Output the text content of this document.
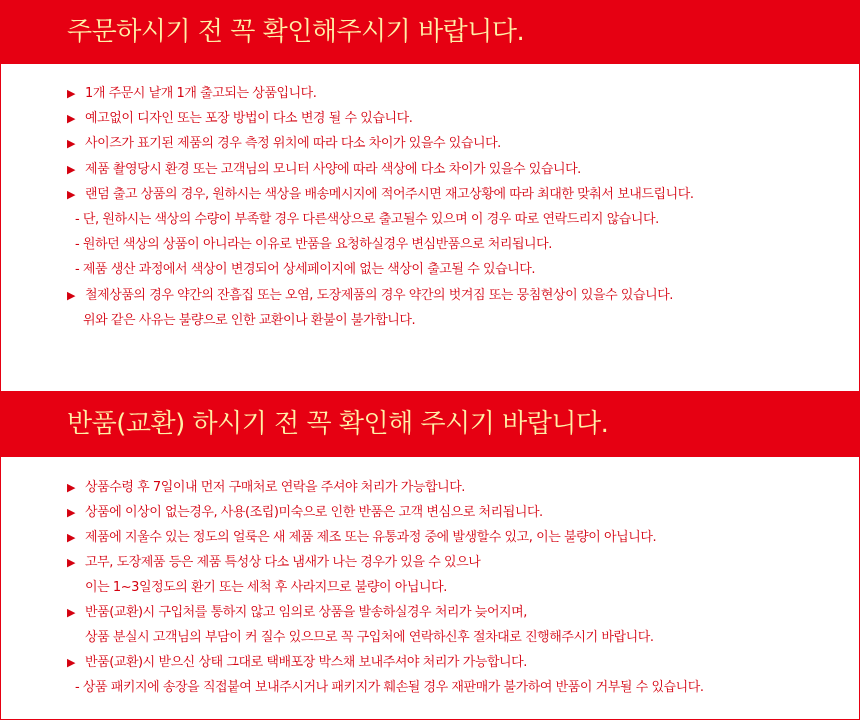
주문하시기 전 꼭 확인해주시기 바랍니다.
▶ 1개 주문시 낱개 1개 출고되는 상품입니다.
▶ 예고없이 디자인 또는 포장 방법이 다소 변경 될 수 있습니다.
▶ 사이즈가 표기된 제품의 경우 측정 위치에 따라 다소 차이가 있을수 있습니다.
▶ 제품 촬영당시 환경 또는 고객님의 모니터 사양에 따라 색상에 다소 차이가 있을수 있습니다.
▶ 랜덤 출고 상품의 경우, 원하시는 색상을 배송메시지에 적어주시면 재고상황에 따라 최대한 맞춰서 보내드립니다.
- 단, 원하시는 색상의 수량이 부족할 경우 다른색상으로 출고될수 있으며 이 경우 따로 연락드리지 않습니다.
- 원하던 색상의 상품이 아니라는 이유로 반품을 요청하실경우 변심반품으로 처리됩니다.
- 제품 생산 과정에서 색상이 변경되어 상세페이지에 없는 색상이 출고될 수 있습니다.
▶ 철제상품의 경우 약간의 잔흠집 또는 오염, 도장제품의 경우 약간의 벗겨짐 또는 뭉침현상이 있을수 있습니다.
위와 같은 사유는 불량으로 인한 교환이나 환불이 불가합니다.
반품(교환) 하시기 전 꼭 확인해 주시기 바랍니다.
▶ 상품수령 후 7일이내 먼저 구매처로 연락을 주셔야 처리가 가능합니다.
▶ 상품에 이상이 없는경우, 사용(조립)미숙으로 인한 반품은 고객 변심으로 처리됩니다.
▶ 제품에 지울수 있는 정도의 얼룩은 새 제품 제조 또는 유통과정 중에 발생할수 있고, 이는 불량이 아닙니다.
▶ 고무, 도장제품 등은 제품 특성상 다소 냄새가 나는 경우가 있을 수 있으나
이는 1~3일정도의 환기 또는 세척 후 사라지므로 불량이 아닙니다.
▶ 반품(교환)시 구입처를 통하지 않고 임의로 상품을 발송하실경우 처리가 늦어지며,
상품 분실시 고객님의 부담이 커 질수 있으므로 꼭 구입처에 연락하신후 절차대로 진행해주시기 바랍니다.
▶ 반품(교환)시 받으신 상태 그대로 택배포장 박스채 보내주셔야 처리가 가능합니다.
- 상품 패키지에 송장을 직접붙여 보내주시거나 패키지가 훼손될 경우 재판매가 불가하여 반품이 거부될 수 있습니다.
